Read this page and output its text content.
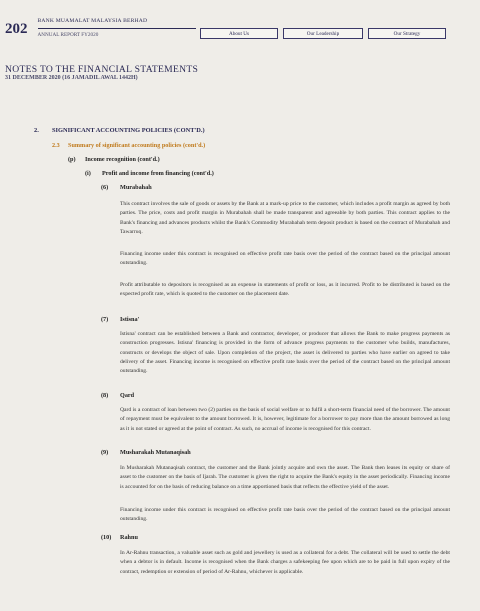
202 BANK MUAMALAT MALAYSIA BERHAD
ANNUAL REPORT FY2020	About Us	Our Leadership	Our Strategy
NOTES TO THE FINANCIAL STATEMENTS
31 DECEMBER 2020 (16 JAMADIL AWAL 1442H)
2. SIGNIFICANT ACCOUNTING POLICIES (CONT'D.)
2.3 Summary of significant accounting policies (cont'd.)
(p) Income recognition (cont'd.)
(i) Profit and income from financing (cont'd.)
(6) Murabahah

This contract involves the sale of goods or assets by the Bank at a mark-up price to the customer, which includes a profit margin as agreed by both parties. The price, costs and profit margin in Murabahah shall be made transparent and agreeable by both parties. This contract applies to the Bank's financing and advances products whilst the Bank's Commodity Murabahah term deposit product is based on the contract of Murabahah and Tawarruq.

Financing income under this contract is recognised on effective profit rate basis over the period of the contract based on the principal amount outstanding.

Profit attributable to depositors is recognised as an expense in statements of profit or loss, as it incurred. Profit to be distributed is based on the expected profit rate, which is quoted to the customer on the placement date.

(7) Istisna'

Istisna' contract can be established between a Bank and contractor, developer, or producer that allows the Bank to make progress payments as construction progresses. Istisna' financing is provided in the form of advance progress payments to the customer who builds, manufactures, constructs or develops the object of sale. Upon completion of the project, the asset is delivered to parties who have earlier on agreed to take delivery of the asset. Financing income is recognised on effective profit rate basis over the period of the contract based on the principal amount outstanding.

(8) Qard

Qard is a contract of loan between two (2) parties on the basis of social welfare or to fulfil a short-term financial need of the borrower. The amount of repayment must be equivalent to the amount borrowed. It is, however, legitimate for a borrower to pay more than the amount borrowed as long as it is not stated or agreed at the point of contract. As such, no accrual of income is recognised for this contract.

(9) Musharakah Mutanaqisah

In Musharakah Mutanaqisah contract, the customer and the Bank jointly acquire and own the asset. The Bank then leases its equity or share of asset to the customer on the basis of Ijarah. The customer is given the right to acquire the Bank's equity in the asset periodically. Financing income is accounted for on the basis of reducing balance on a time apportioned basis that reflects the effective yield of the asset.

Financing income under this contract is recognised on effective profit rate basis over the period of the contract based on the principal amount outstanding.

(10) Rahnu

In Ar-Rahnu transaction, a valuable asset such as gold and jewellery is used as a collateral for a debt. The collateral will be used to settle the debt when a debtor is in default. Income is recognised when the Bank charges a safekeeping fee upon which are to be paid in full upon expiry of the contract, redemption or extension of period of Ar-Rahnu, whichever is applicable.
